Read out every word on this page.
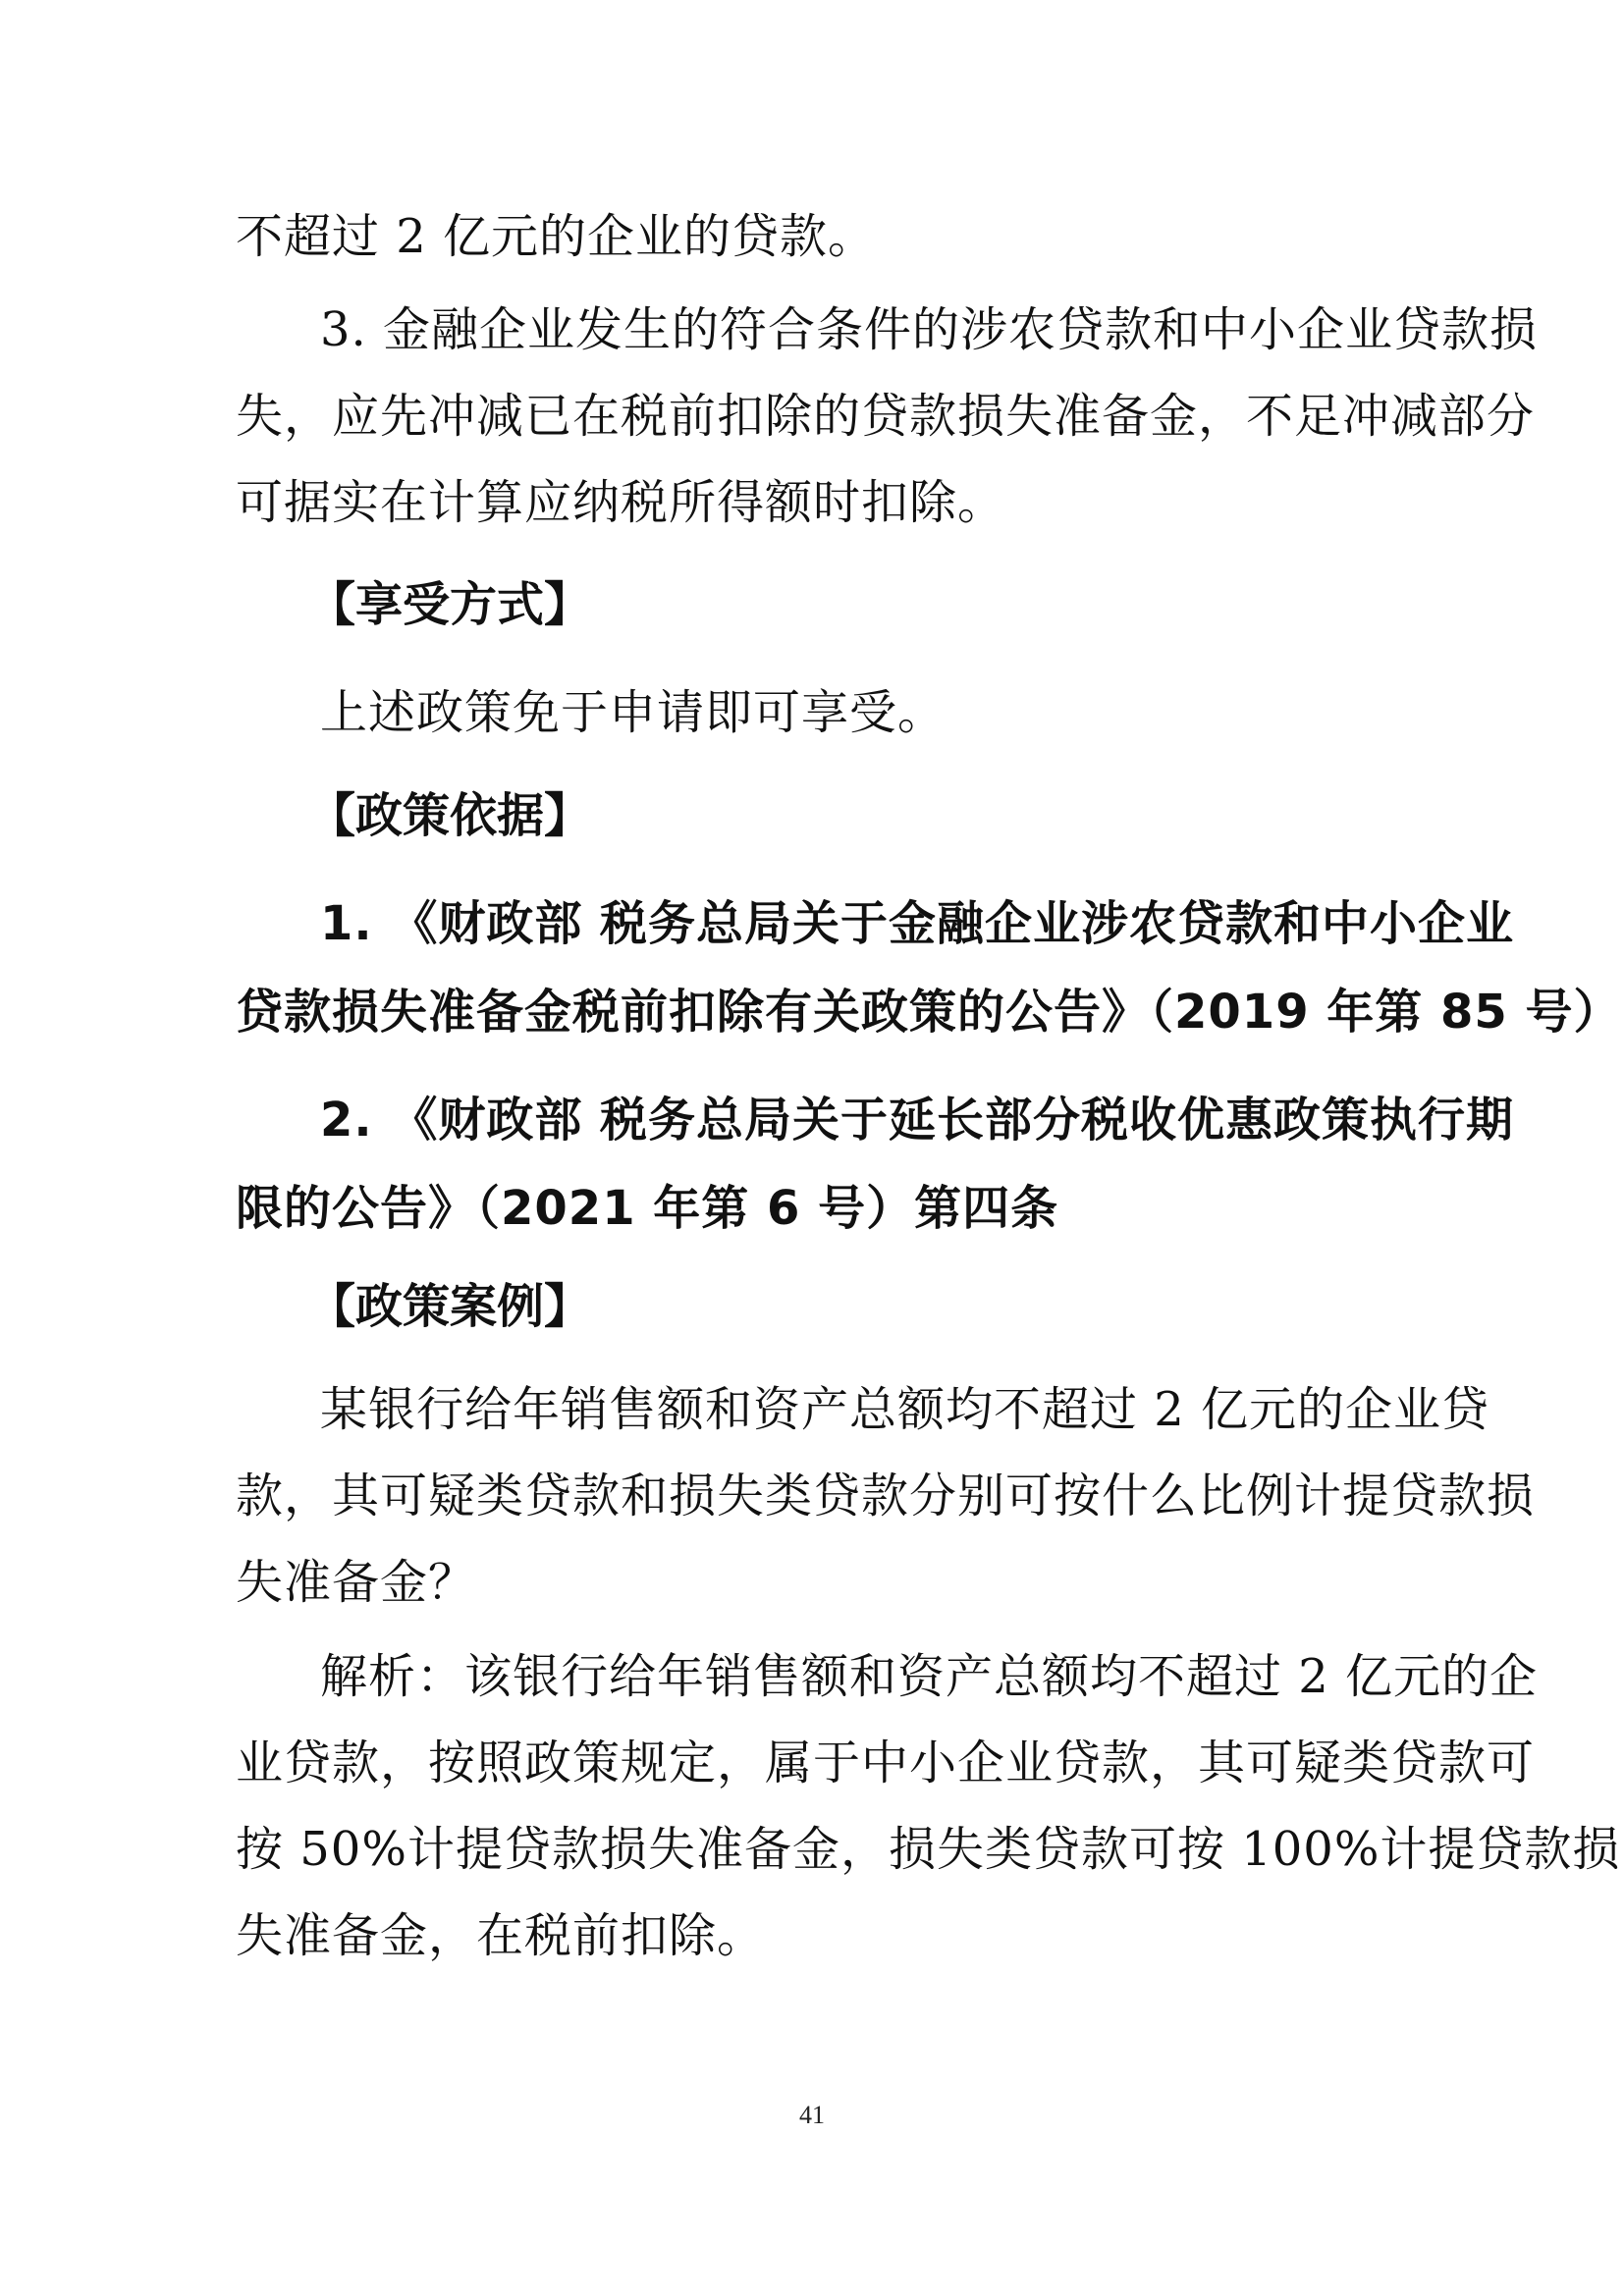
不超过 2 亿元的企业的贷款。
3. 金融企业发生的符合条件的涉农贷款和中小企业贷款损
失，应先冲减已在税前扣除的贷款损失准备金，不足冲减部分
可据实在计算应纳税所得额时扣除。
【享受方式】
上述政策免于申请即可享受。
【政策依据】
1. 《财政部 税务总局关于金融企业涉农贷款和中小企业
贷款损失准备金税前扣除有关政策的公告》（2019 年第 85 号）
2. 《财政部 税务总局关于延长部分税收优惠政策执行期
限的公告》（2021 年第 6 号）第四条
【政策案例】
某银行给年销售额和资产总额均不超过 2 亿元的企业贷
款，其可疑类贷款和损失类贷款分别可按什么比例计提贷款损
失准备金？
解析：该银行给年销售额和资产总额均不超过 2 亿元的企
业贷款，按照政策规定，属于中小企业贷款，其可疑类贷款可
按 50%计提贷款损失准备金，损失类贷款可按 100%计提贷款损
失准备金，在税前扣除。
41
